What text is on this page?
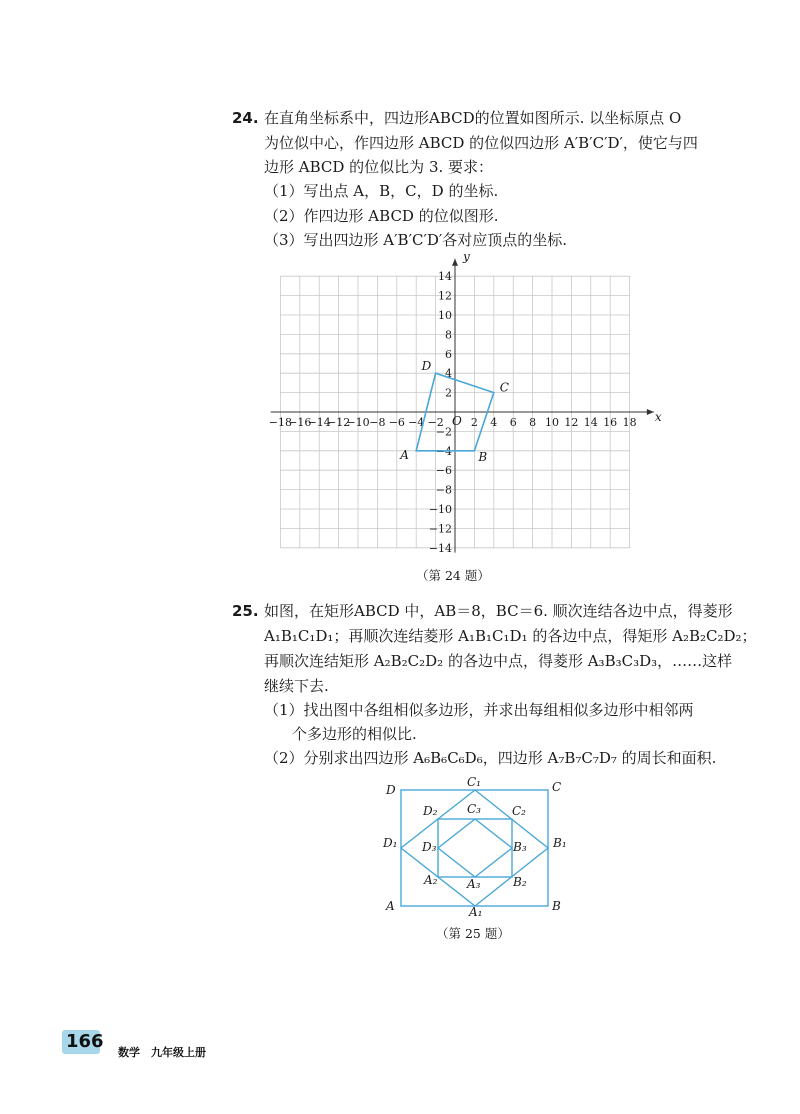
24. 在直角坐标系中，四边形ABCD的位置如图所示. 以坐标原点 O
为位似中心，作四边形 ABCD 的位似四边形 A′B′C′D′，使它与四
边形 ABCD 的位似比为 3. 要求：
（1）写出点 A，B，C，D 的坐标.
（2）作四边形 ABCD 的位似图形.
（3）写出四边形 A′B′C′D′各对应顶点的坐标.
x
y
O
−18
−16
−14
−12
−10 −8 −6 −4 −2 2 4 6 8 10 12 14 16 18
14
12
10
8
6
4
2
−2
−4
−6
−8
−10
−12
−14
A	B
C
D
（第 24 题）
25. 如图，在矩形ABCD 中，AB＝8，BC＝6. 顺次连结各边中点，得菱形
A₁B₁C₁D₁；再顺次连结菱形 A₁B₁C₁D₁ 的各边中点，得矩形 A₂B₂C₂D₂；
再顺次连结矩形 A₂B₂C₂D₂ 的各边中点，得菱形 A₃B₃C₃D₃，……这样
继续下去.
（1）找出图中各组相似多边形，并求出每组相似多边形中相邻两
个多边形的相似比.
（2）分别求出四边形 A₆B₆C₆D₆，四边形 A₇B₇C₇D₇ 的周长和面积.
D
C₁	C
D₂ C₃	C₂
D₁ D₃	B₃ B₁
A₂ A₃	B₂
A	A₁	B
（第 25 题）
166
数学　九年级上册
